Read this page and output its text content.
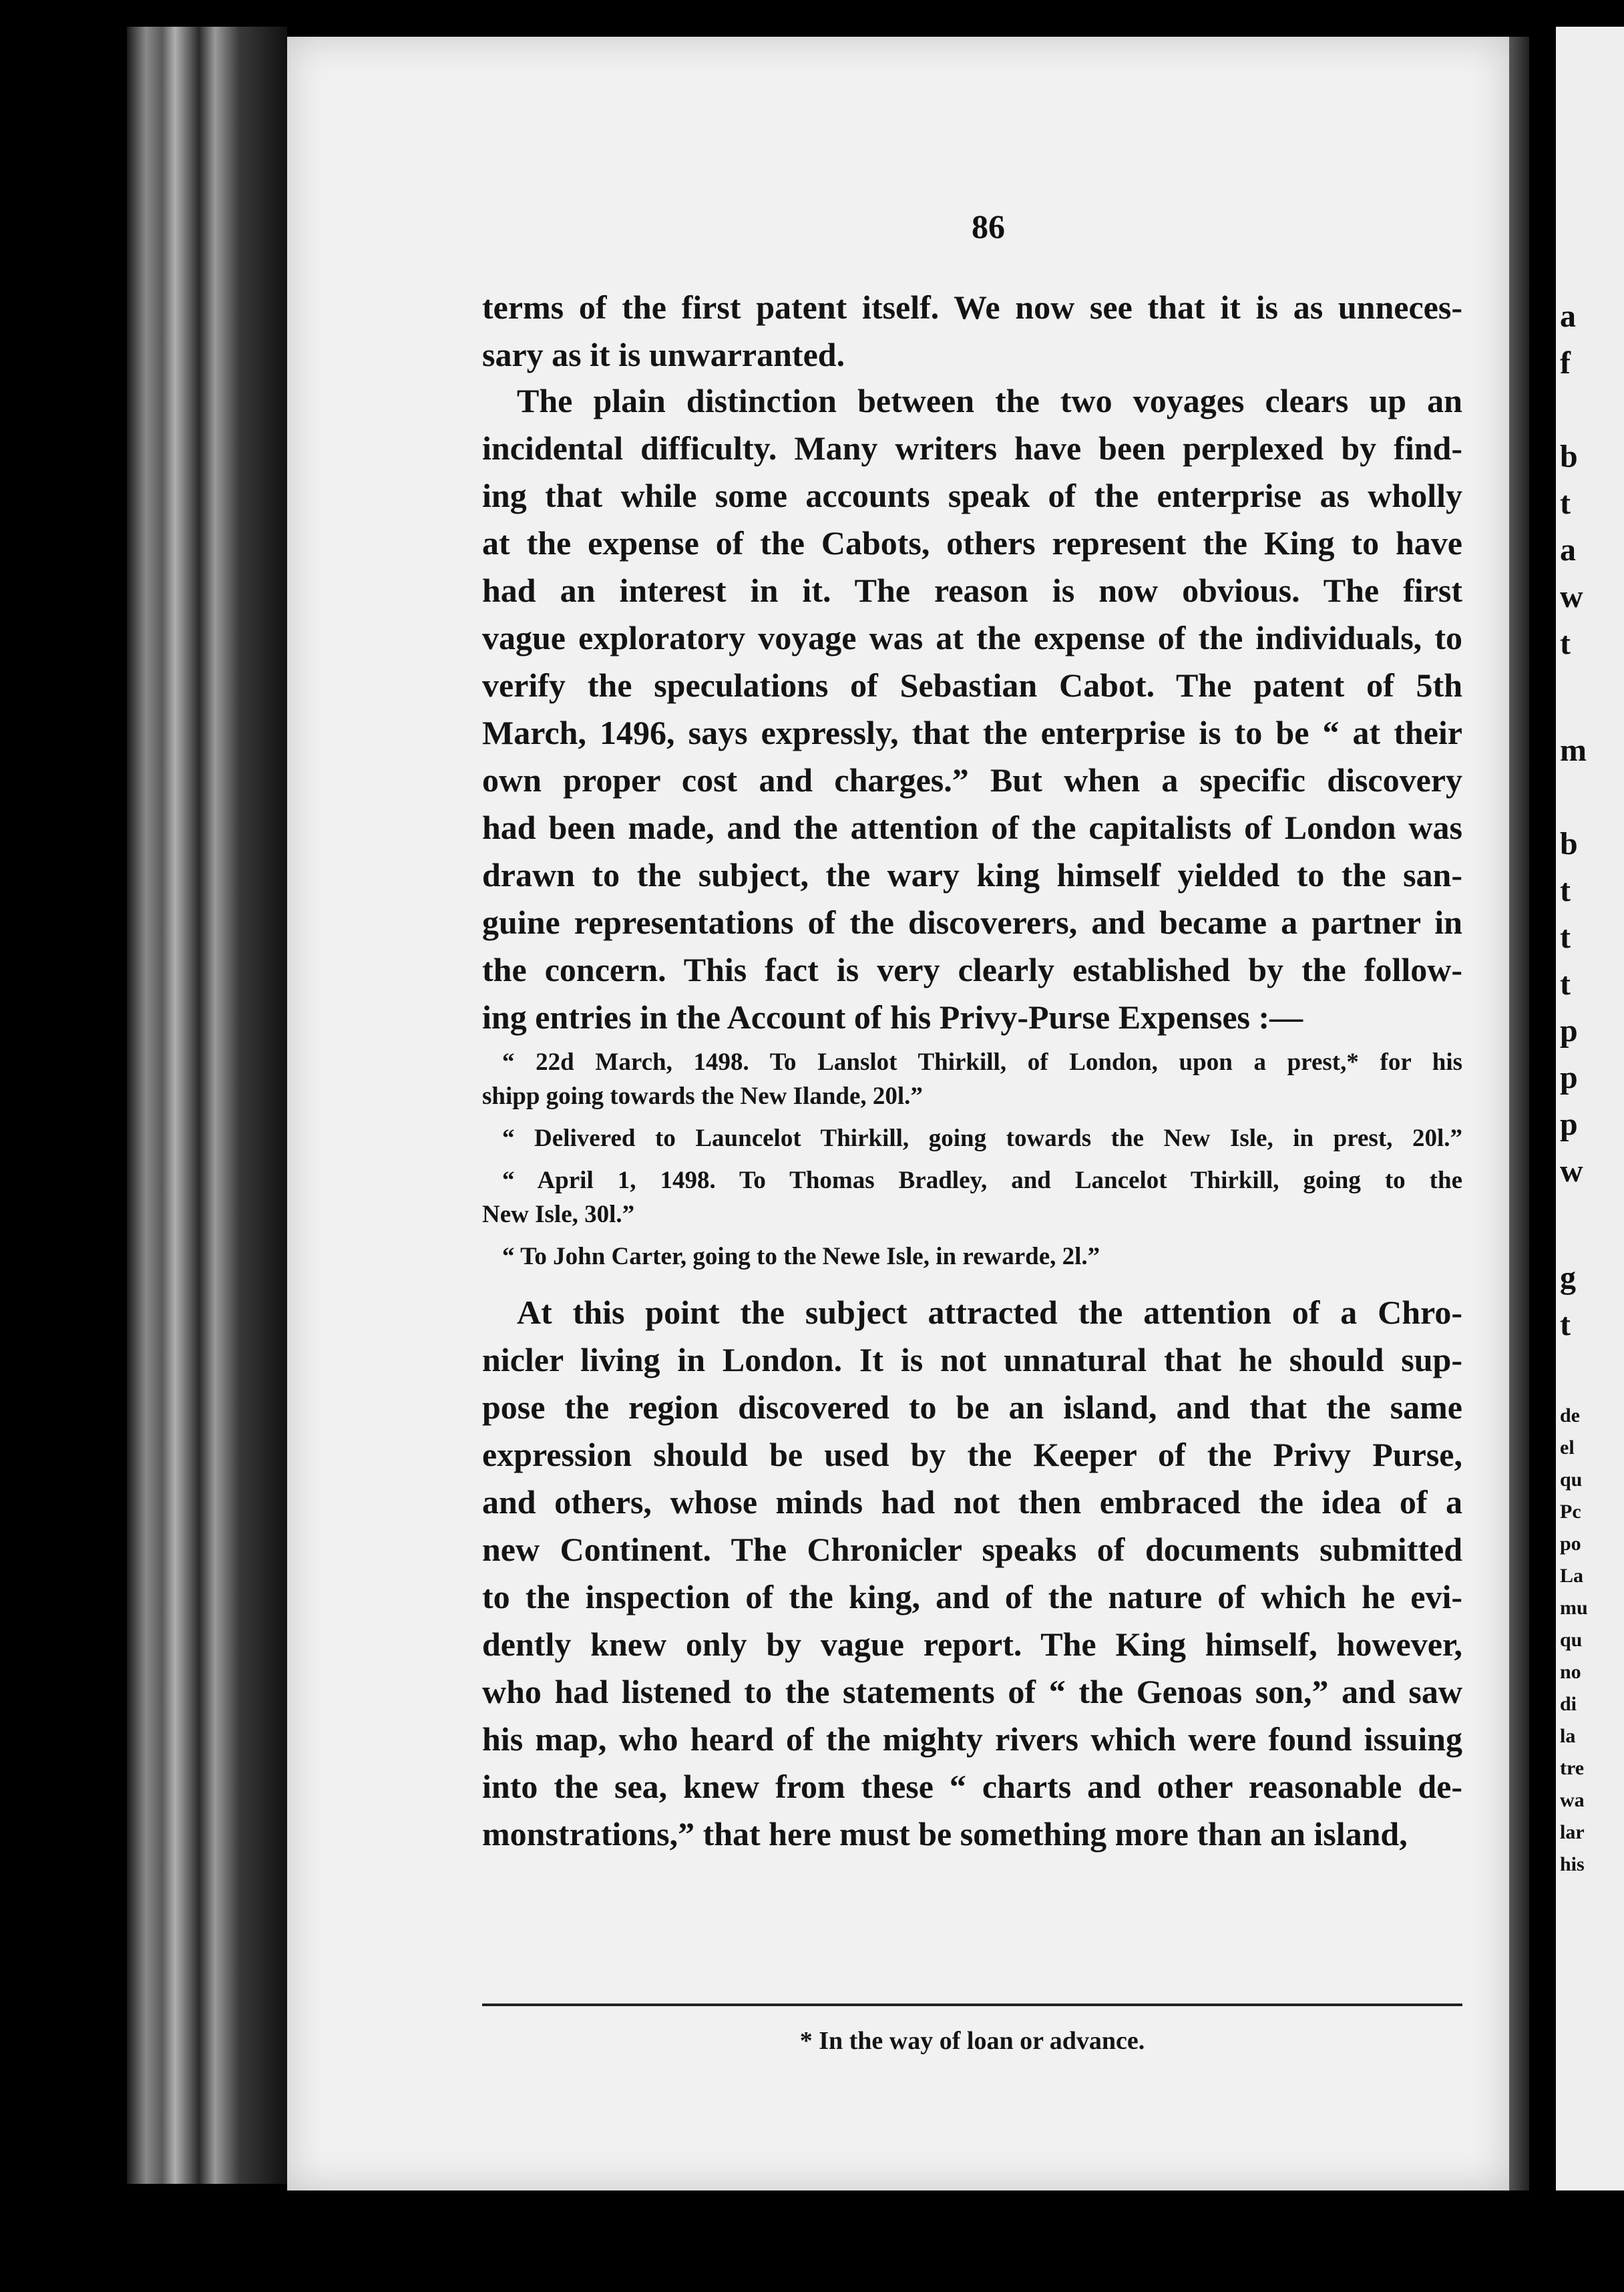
a
f
b
t
a
w
t
m
b
t
t
t
p
p
p
w
g
t
de
el
qu
Pc
po
La
mu
qu
no
di
la
tre
wa
lar
his
86
terms of the first patent itself. We now see that it is as unneces-
sary as it is unwarranted.
The plain distinction between the two voyages clears up an
incidental difficulty. Many writers have been perplexed by find-
ing that while some accounts speak of the enterprise as wholly
at the expense of the Cabots, others represent the King to have
had an interest in it. The reason is now obvious. The first
vague exploratory voyage was at the expense of the individuals, to
verify the speculations of Sebastian Cabot. The patent of 5th
March, 1496, says expressly, that the enterprise is to be “ at their
own proper cost and charges.” But when a specific discovery
had been made, and the attention of the capitalists of London was
drawn to the subject, the wary king himself yielded to the san-
guine representations of the discoverers, and became a partner in
the concern. This fact is very clearly established by the follow-
ing entries in the Account of his Privy-Purse Expenses :—
“ 22d March, 1498. To Lanslot Thirkill, of London, upon a prest,* for his
shipp going towards the New Ilande, 20l.”
“ Delivered to Launcelot Thirkill, going towards the New Isle, in prest, 20l.”
“ April 1, 1498. To Thomas Bradley, and Lancelot Thirkill, going to the
New Isle, 30l.”
“ To John Carter, going to the Newe Isle, in rewarde, 2l.”
At this point the subject attracted the attention of a Chro-
nicler living in London. It is not unnatural that he should sup-
pose the region discovered to be an island, and that the same
expression should be used by the Keeper of the Privy Purse,
and others, whose minds had not then embraced the idea of a
new Continent. The Chronicler speaks of documents submitted
to the inspection of the king, and of the nature of which he evi-
dently knew only by vague report. The King himself, however,
who had listened to the statements of “ the Genoas son,” and saw
his map, who heard of the mighty rivers which were found issuing
into the sea, knew from these “ charts and other reasonable de-
monstrations,” that here must be something more than an island,
* In the way of loan or advance.
